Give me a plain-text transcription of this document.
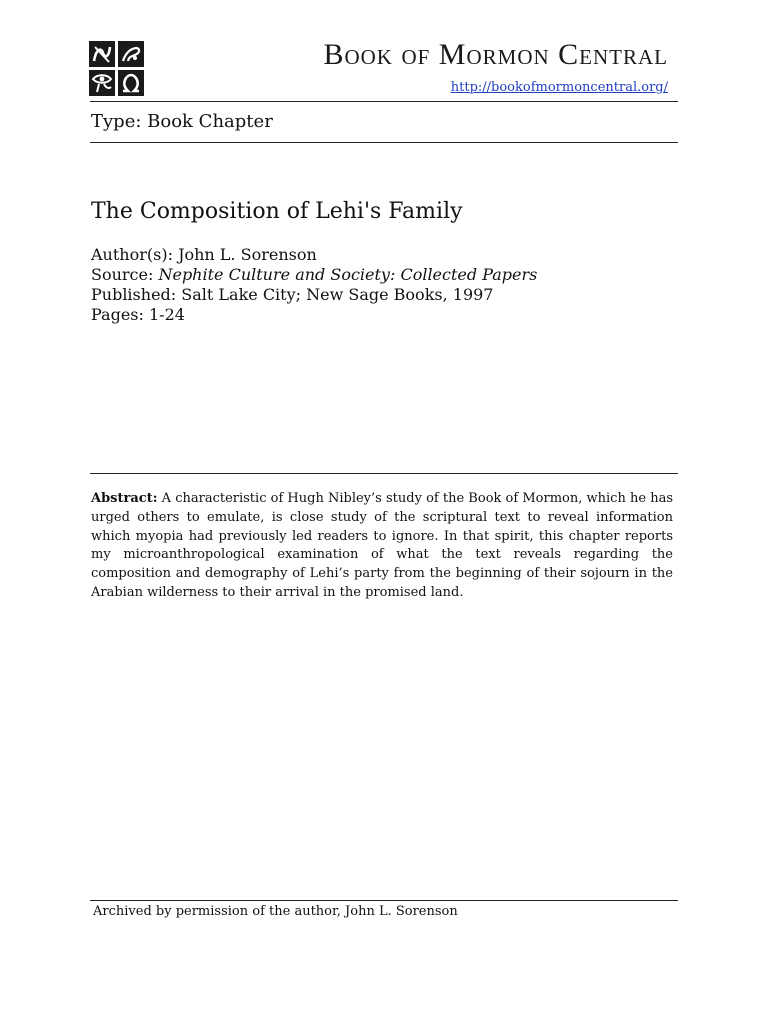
Book of Mormon Central
http://bookofmormoncentral.org/
Type: Book Chapter
The Composition of Lehi's Family
Author(s): John L. Sorenson
Source: Nephite Culture and Society: Collected Papers
Published: Salt Lake City; New Sage Books, 1997
Pages: 1-24

Abstract: A characteristic of Hugh Nibley’s study of the Book of Mormon, which he has urged others to emulate, is close study of the scriptural text to reveal information which myopia had previously led readers to ignore. In that spirit, this chapter reports my microanthropological examination of what the text reveals regarding the composition and demography of Lehi’s party from the beginning of their sojourn in the Arabian wilderness to their arrival in the promised land.

Archived by permission of the author, John L. Sorenson
